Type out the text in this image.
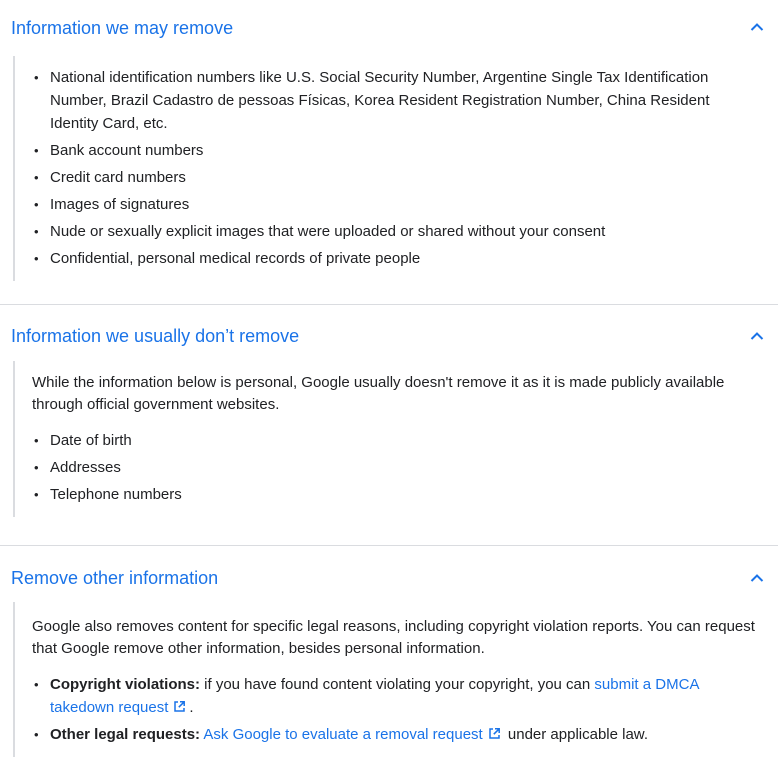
Information we may remove
• National identification numbers like U.S. Social Security Number, Argentine Single Tax Identification Number, Brazil Cadastro de pessoas Físicas, Korea Resident Registration Number, China Resident Identity Card, etc.
• Bank account numbers
• Credit card numbers
• Images of signatures
• Nude or sexually explicit images that were uploaded or shared without your consent
• Confidential, personal medical records of private people
Information we usually don’t remove

While the information below is personal, Google usually doesn't remove it as it is made publicly available through official government websites.

• Date of birth
• Addresses
• Telephone numbers
Remove other information

Google also removes content for specific legal reasons, including copyright violation reports. You can request that Google remove other information, besides personal information.

• Copyright violations: if you have found content violating your copyright, you can submit a DMCA takedown request .
• Other legal requests: Ask Google to evaluate a removal request under applicable law.
